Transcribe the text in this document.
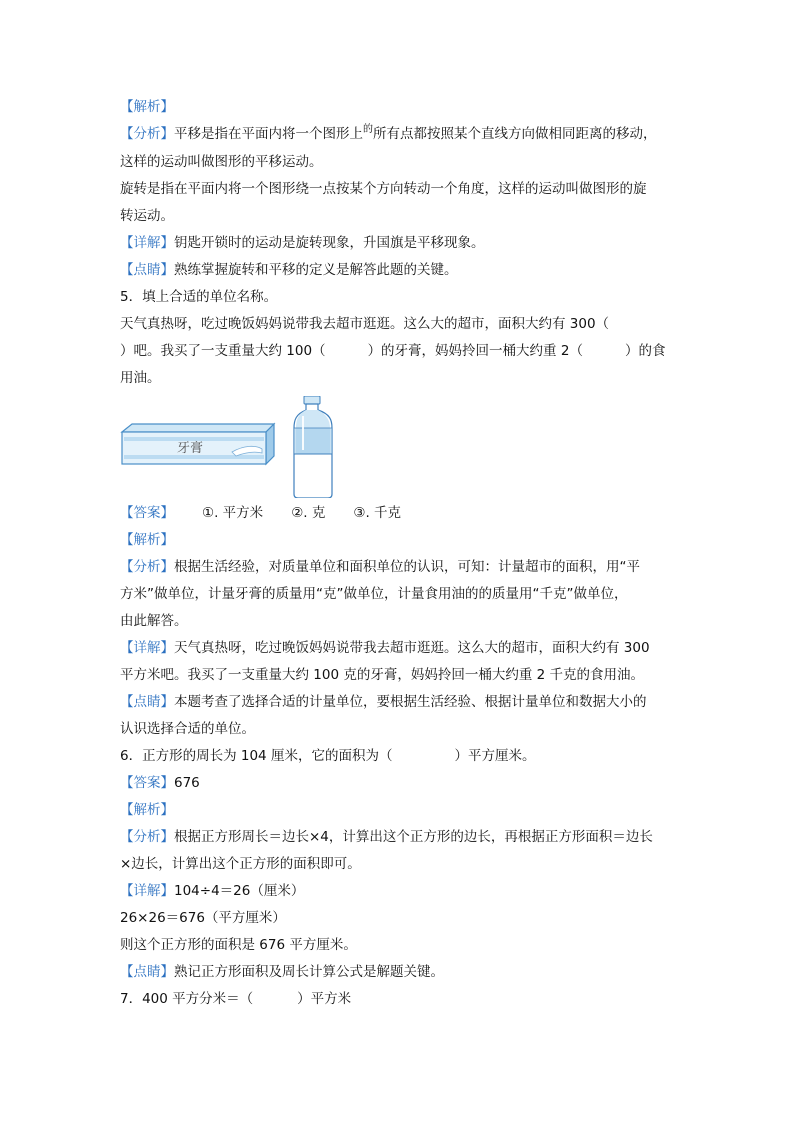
【解析】
【分析】平移是指在平面内将一个图形上$^的$所有点都按照某个直线方向做相同距离的移动，
这样的运动叫做图形的平移运动。
旋转是指在平面内将一个图形绕一点按某个方向转动一个角度，这样的运动叫做图形的旋
转运动。
【详解】钥匙开锁时的运动是旋转现象，升国旗是平移现象。
【点睛】熟练掌握旋转和平移的定义是解答此题的关键。
5．填上合适的单位名称。
天气真热呀，吃过晚饭妈妈说带我去超市逛逛。这么大的超市，面积大约有 300（
）吧。我买了一支重量大约 100（	）的牙膏，妈妈拎回一桶大约重 2（	）的食
用油。
牙膏
【答案】 ①. 平方米 ②. 克 ③. 千克
【解析】
【分析】根据生活经验，对质量单位和面积单位的认识，可知：计量超市的面积，用“平
方米”做单位，计量牙膏的质量用“克”做单位，计量食用油的的质量用“千克”做单位，
由此解答。
【详解】天气真热呀，吃过晚饭妈妈说带我去超市逛逛。这么大的超市，面积大约有 300
平方米吧。我买了一支重量大约 100 克的牙膏，妈妈拎回一桶大约重 2 千克的食用油。
【点睛】本题考查了选择合适的计量单位，要根据生活经验、根据计量单位和数据大小的
认识选择合适的单位。
6．正方形的周长为 104 厘米，它的面积为（	）平方厘米。
【答案】676
【解析】
【分析】根据正方形周长＝边长×4，计算出这个正方形的边长，再根据正方形面积＝边长
×边长，计算出这个正方形的面积即可。
【详解】104÷4＝26（厘米）
26×26＝676（平方厘米）
则这个正方形的面积是 676 平方厘米。
【点睛】熟记正方形面积及周长计算公式是解题关键。
7．400 平方分米＝（	）平方米
